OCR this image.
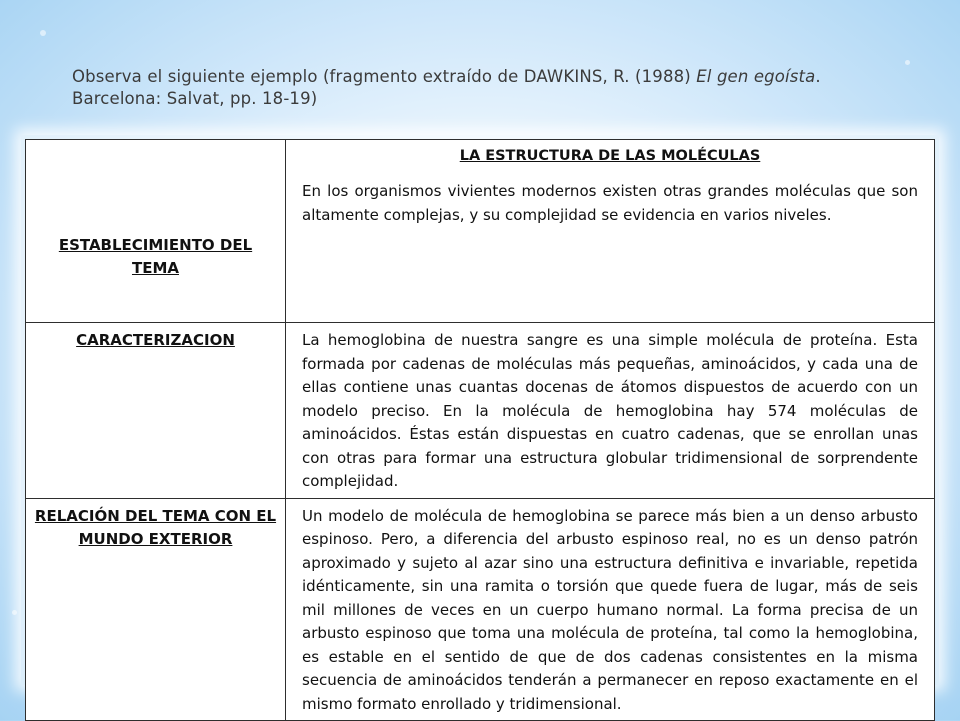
Observa el siguiente ejemplo (fragmento extraído de DAWKINS, R. (1988) El gen egoísta. Barcelona: Salvat, pp. 18-19)
ESTABLECIMIENTO DEL TEMA	LA ESTRUCTURA DE LAS MOLÉCULAS

En los organismos vivientes modernos existen otras grandes moléculas que son altamente complejas, y su complejidad se evidencia en varios niveles.

CARACTERIZACION	La hemoglobina de nuestra sangre es una simple molécula de proteína. Esta formada por cadenas de moléculas más pequeñas, aminoácidos, y cada una de ellas contiene unas cuantas docenas de átomos dispuestos de acuerdo con un modelo preciso. En la molécula de hemoglobina hay 574 moléculas de aminoácidos. Éstas están dispuestas en cuatro cadenas, que se enrollan unas con otras para formar una estructura globular tridimensional de sorprendente complejidad.

RELACIÓN DEL TEMA CON EL MUNDO EXTERIOR	Un modelo de molécula de hemoglobina se parece más bien a un denso arbusto espinoso. Pero, a diferencia del arbusto espinoso real, no es un denso patrón aproximado y sujeto al azar sino una estructura definitiva e invariable, repetida idénticamente, sin una ramita o torsión que quede fuera de lugar, más de seis mil millones de veces en un cuerpo humano normal. La forma precisa de un arbusto espinoso que toma una molécula de proteína, tal como la hemoglobina, es estable en el sentido de que de dos cadenas consistentes en la misma secuencia de aminoácidos tenderán a permanecer en reposo exactamente en el mismo formato enrollado y tridimensional.
